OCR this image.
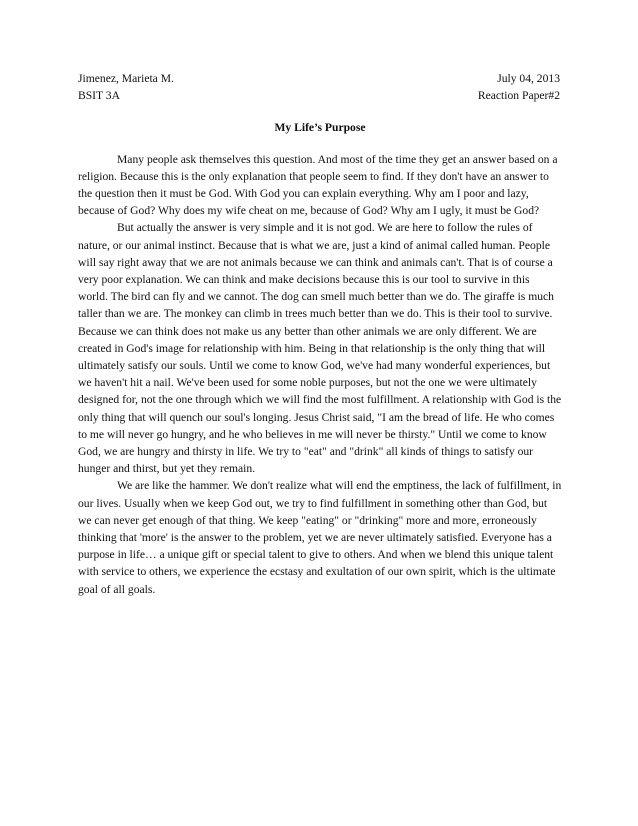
Jimenez, Marieta M.	July 04, 2013
BSIT 3A	Reaction Paper#2
My Life’s Purpose

Many people ask themselves this question. And most of the time they get an answer based on a religion. Because this is the only explanation that people seem to find. If they don't have an answer to the question then it must be God. With God you can explain everything. Why am I poor and lazy, because of God? Why does my wife cheat on me, because of God? Why am I ugly, it must be God?

But actually the answer is very simple and it is not god. We are here to follow the rules of nature, or our animal instinct. Because that is what we are, just a kind of animal called human. People will say right away that we are not animals because we can think and animals can't. That is of course a very poor explanation. We can think and make decisions because this is our tool to survive in this world. The bird can fly and we cannot. The dog can smell much better than we do. The giraffe is much taller than we are. The monkey can climb in trees much better than we do. This is their tool to survive. Because we can think does not make us any better than other animals we are only different. We are created in God's image for relationship with him. Being in that relationship is the only thing that will ultimately satisfy our souls. Until we come to know God, we've had many wonderful experiences, but we haven't hit a nail. We've been used for some noble purposes, but not the one we were ultimately designed for, not the one through which we will find the most fulfillment. A relationship with God is the only thing that will quench our soul's longing. Jesus Christ said, "I am the bread of life. He who comes to me will never go hungry, and he who believes in me will never be thirsty." Until we come to know God, we are hungry and thirsty in life. We try to "eat" and "drink" all kinds of things to satisfy our hunger and thirst, but yet they remain.

We are like the hammer. We don't realize what will end the emptiness, the lack of fulfillment, in our lives. Usually when we keep God out, we try to find fulfillment in something other than God, but we can never get enough of that thing. We keep "eating" or "drinking" more and more, erroneously thinking that 'more' is the answer to the problem, yet we are never ultimately satisfied. Everyone has a purpose in life… a unique gift or special talent to give to others. And when we blend this unique talent with service to others, we experience the ecstasy and exultation of our own spirit, which is the ultimate goal of all goals.
